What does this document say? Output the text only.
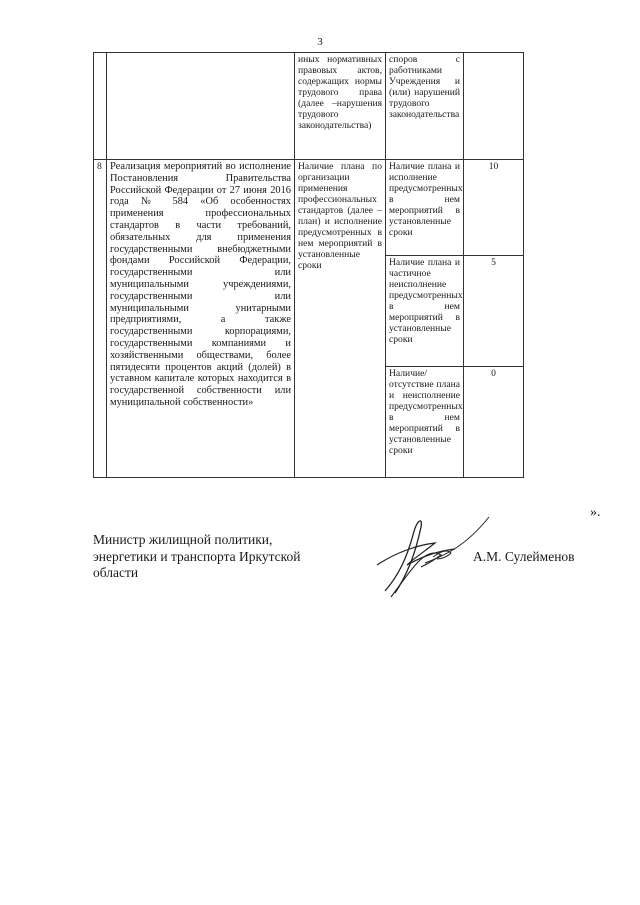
3
		иных нормативных правовых актов, содержащих нормы трудового права (далее –нарушения трудового законодательства)	споров с работниками Учреждения и (или) нарушений трудового законодательства	
8	Реализация мероприятий во исполнение Постановления Правительства Российской Федерации от 27 июня 2016 года № 584 «Об особенностях применения профессиональных стандартов в части требований, обязательных для применения государственными внебюджетными фондами Российской Федерации, государственными или муниципальными учреждениями, государственными или муниципальными унитарными предприятиями, а также государственными корпорациями, государственными компаниями и хозяйственными обществами, более пятидесяти процентов акций (долей) в уставном капитале которых находится в государственной собственности или муниципальной собственности»	Наличие плана по организации применения профессиональных стандартов (далее – план) и исполнение предусмотренных в нем мероприятий в установленные сроки	Наличие плана и исполнение предусмотренных в нем мероприятий в установленные сроки	10
			Наличие плана и частичное неисполнение предусмотренных в нем мероприятий в установленные сроки	5
			Наличие/отсутствие плана и неисполнение предусмотренных в нем мероприятий в установленные сроки	0
».
Министр жилищной политики,
энергетики и транспорта Иркутской
области
А.М. Сулейменов
